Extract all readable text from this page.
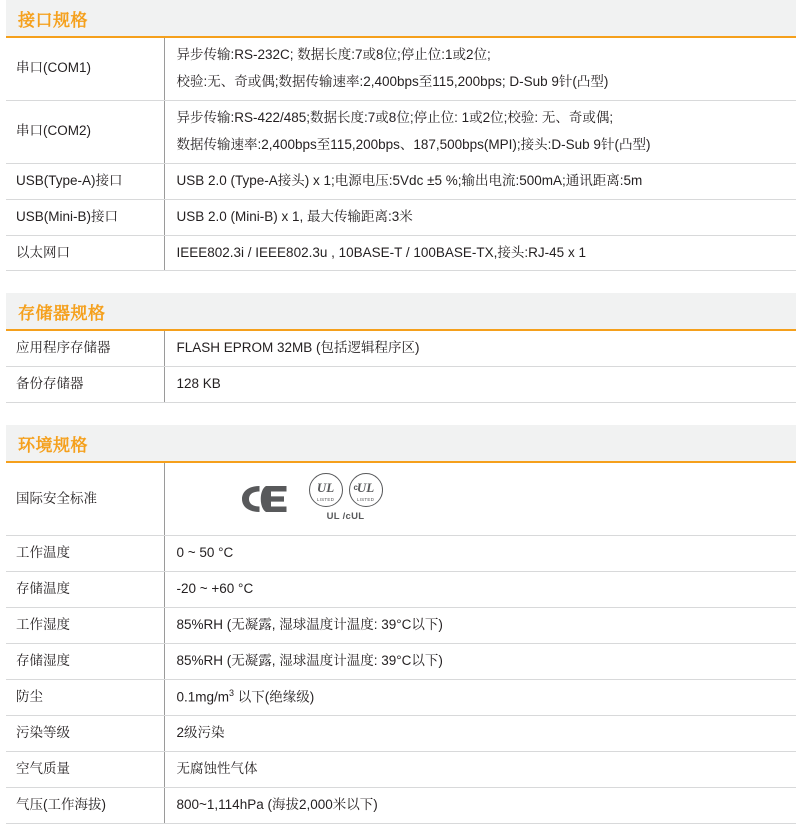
接口规格
串口(COM1)	异步传输:RS-232C; 数据长度:7或8位;停止位:1或2位;
校验:无、奇或偶;数据传输速率:2,400bps至115,200bps; D-Sub 9针(凸型)

串口(COM2)	异步传输:RS-422/485;数据长度:7或8位;停止位: 1或2位;校验: 无、奇或偶;
数据传输速率:2,400bps至115,200bps、187,500bps(MPI);接头:D-Sub 9针(凸型)

USB(Type-A)接口	USB 2.0 (Type-A接头) x 1;电源电压:5Vdc ±5 %;输出电流:500mA;通讯距离:5m

USB(Mini-B)接口	USB 2.0 (Mini-B) x 1, 最大传输距离:3米

以太网口	IEEE802.3i / IEEE802.3u , 10BASE-T / 100BASE-TX,接头:RJ-45 x 1
存储器规格
应用程序存储器	FLASH EPROM 32MB (包括逻辑程序区)

备份存储器	128 KB
环境规格
国际安全标准	
UL
LISTED
c
UL
LISTED
UL /cUL

工作温度	0 ~ 50 °C

存储温度	-20 ~ +60 °C

工作湿度	85%RH (无凝露, 湿球温度计温度: 39°C以下)

存储湿度	85%RH (无凝露, 湿球温度计温度: 39°C以下)

防尘	$0.1mg/m^3$ 以下(绝缘级)

污染等级	2级污染

空气质量	无腐蚀性气体

气压(工作海拔)	800~1,114hPa (海拔2,000米以下)
